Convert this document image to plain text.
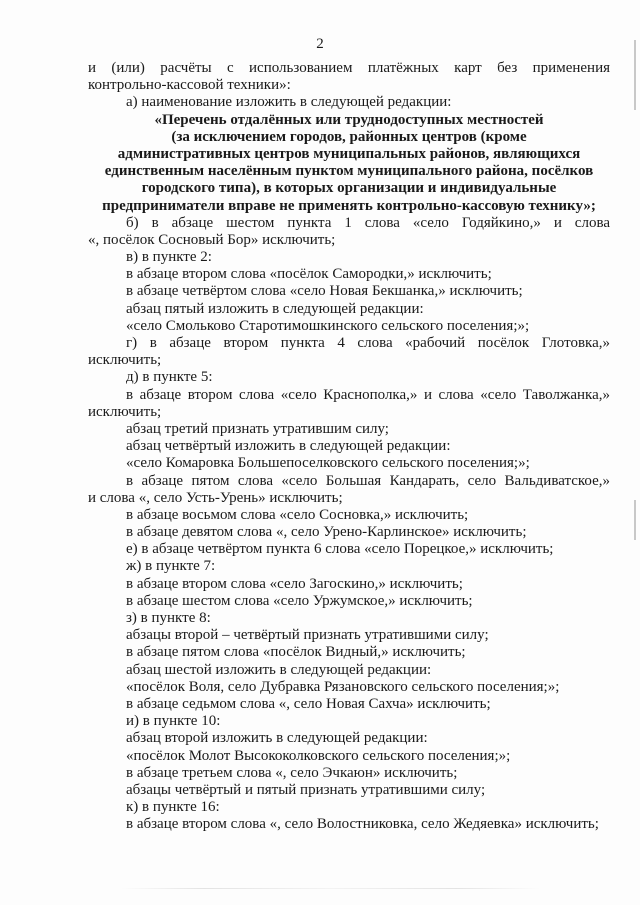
2
и (или) расчёты с использованием платёжных карт без применения
контрольно-кассовой техники»:
а) наименование изложить в следующей редакции:
«Перечень отдалённых или труднодоступных местностей
(за исключением городов, районных центров (кроме
административных центров муниципальных районов, являющихся
единственным населённым пунктом муниципального района, посёлков
городского типа), в которых организации и индивидуальные
предприниматели вправе не применять контрольно-кассовую технику»;
б) в абзаце шестом пункта 1 слова «село Годяйкино,» и слова
«, посёлок Сосновый Бор» исключить;
в) в пункте 2:
в абзаце втором слова «посёлок Самородки,» исключить;
в абзаце четвёртом слова «село Новая Бекшанка,» исключить;
абзац пятый изложить в следующей редакции:
«село Смольково Старотимошкинского сельского поселения;»;
г) в абзаце втором пункта 4 слова «рабочий посёлок Глотовка,»
исключить;
д) в пункте 5:
в абзаце втором слова «село Краснополка,» и слова «село Таволжанка,»
исключить;
абзац третий признать утратившим силу;
абзац четвёртый изложить в следующей редакции:
«село Комаровка Большепоселковского сельского поселения;»;
в абзаце пятом слова «село Большая Кандарать, село Вальдиватское,»
и слова «, село Усть-Урень» исключить;
в абзаце восьмом слова «село Сосновка,» исключить;
в абзаце девятом слова «, село Урено-Карлинское» исключить;
е) в абзаце четвёртом пункта 6 слова «село Порецкое,» исключить;
ж) в пункте 7:
в абзаце втором слова «село Загоскино,» исключить;
в абзаце шестом слова «село Уржумское,» исключить;
з) в пункте 8:
абзацы второй – четвёртый признать утратившими силу;
в абзаце пятом слова «посёлок Видный,» исключить;
абзац шестой изложить в следующей редакции:
«посёлок Воля, село Дубравка Рязановского сельского поселения;»;
в абзаце седьмом слова «, село Новая Сахча» исключить;
и) в пункте 10:
абзац второй изложить в следующей редакции:
«посёлок Молот Высококолковского сельского поселения;»;
в абзаце третьем слова «, село Эчкаюн» исключить;
абзацы четвёртый и пятый признать утратившими силу;
к) в пункте 16:
в абзаце втором слова «, село Волостниковка, село Жедяевка» исключить;
